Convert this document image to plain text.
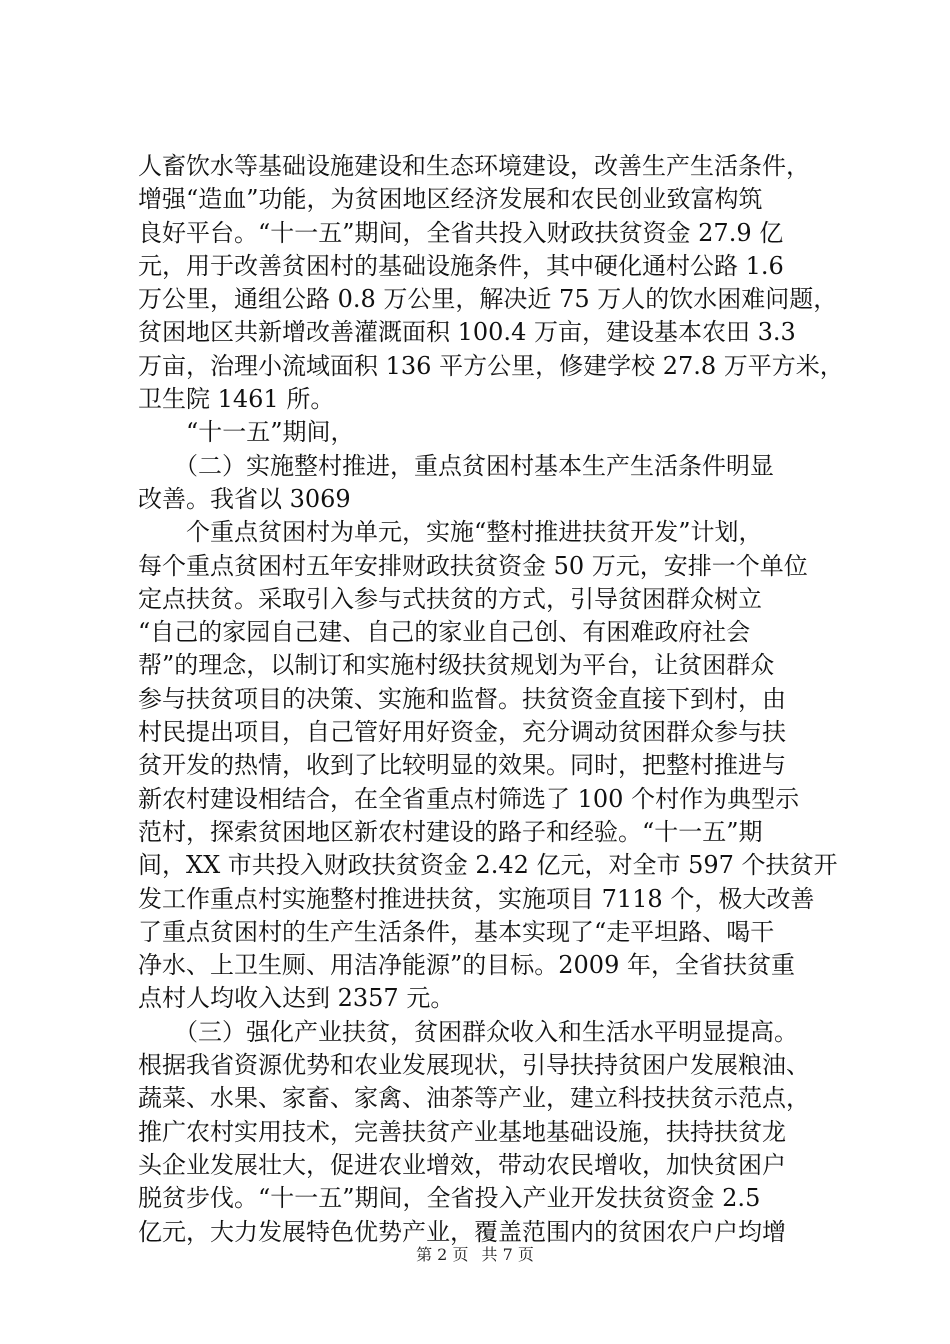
人畜饮水等基础设施建设和生态环境建设，改善生产生活条件，
增强“造血”功能，为贫困地区经济发展和农民创业致富构筑
良好平台。“十一五”期间，全省共投入财政扶贫资金 27.9 亿
元，用于改善贫困村的基础设施条件，其中硬化通村公路 1.6
万公里，通组公路 0.8 万公里，解决近 75 万人的饮水困难问题，
贫困地区共新增改善灌溉面积 100.4 万亩，建设基本农田 3.3
万亩，治理小流域面积 136 平方公里，修建学校 27.8 万平方米，
卫生院 1461 所。
　　“十一五”期间，
　　（二）实施整村推进，重点贫困村基本生产生活条件明显
改善。我省以 3069
　　个重点贫困村为单元，实施“整村推进扶贫开发”计划，
每个重点贫困村五年安排财政扶贫资金 50 万元，安排一个单位
定点扶贫。采取引入参与式扶贫的方式，引导贫困群众树立
“自己的家园自己建、自己的家业自己创、有困难政府社会
帮”的理念，以制订和实施村级扶贫规划为平台，让贫困群众
参与扶贫项目的决策、实施和监督。扶贫资金直接下到村，由
村民提出项目，自己管好用好资金，充分调动贫困群众参与扶
贫开发的热情，收到了比较明显的效果。同时，把整村推进与
新农村建设相结合，在全省重点村筛选了 100 个村作为典型示
范村，探索贫困地区新农村建设的路子和经验。“十一五”期
间，XX 市共投入财政扶贫资金 2.42 亿元，对全市 597 个扶贫开
发工作重点村实施整村推进扶贫，实施项目 7118 个，极大改善
了重点贫困村的生产生活条件，基本实现了“走平坦路、喝干
净水、上卫生厕、用洁净能源”的目标。2009 年，全省扶贫重
点村人均收入达到 2357 元。
　　（三）强化产业扶贫，贫困群众收入和生活水平明显提高。
根据我省资源优势和农业发展现状，引导扶持贫困户发展粮油、
蔬菜、水果、家畜、家禽、油茶等产业，建立科技扶贫示范点，
推广农村实用技术，完善扶贫产业基地基础设施，扶持扶贫龙
头企业发展壮大，促进农业增效，带动农民增收，加快贫困户
脱贫步伐。“十一五”期间，全省投入产业开发扶贫资金 2.5
亿元，大力发展特色优势产业，覆盖范围内的贫困农户户均增
第 2 页 共 7 页
